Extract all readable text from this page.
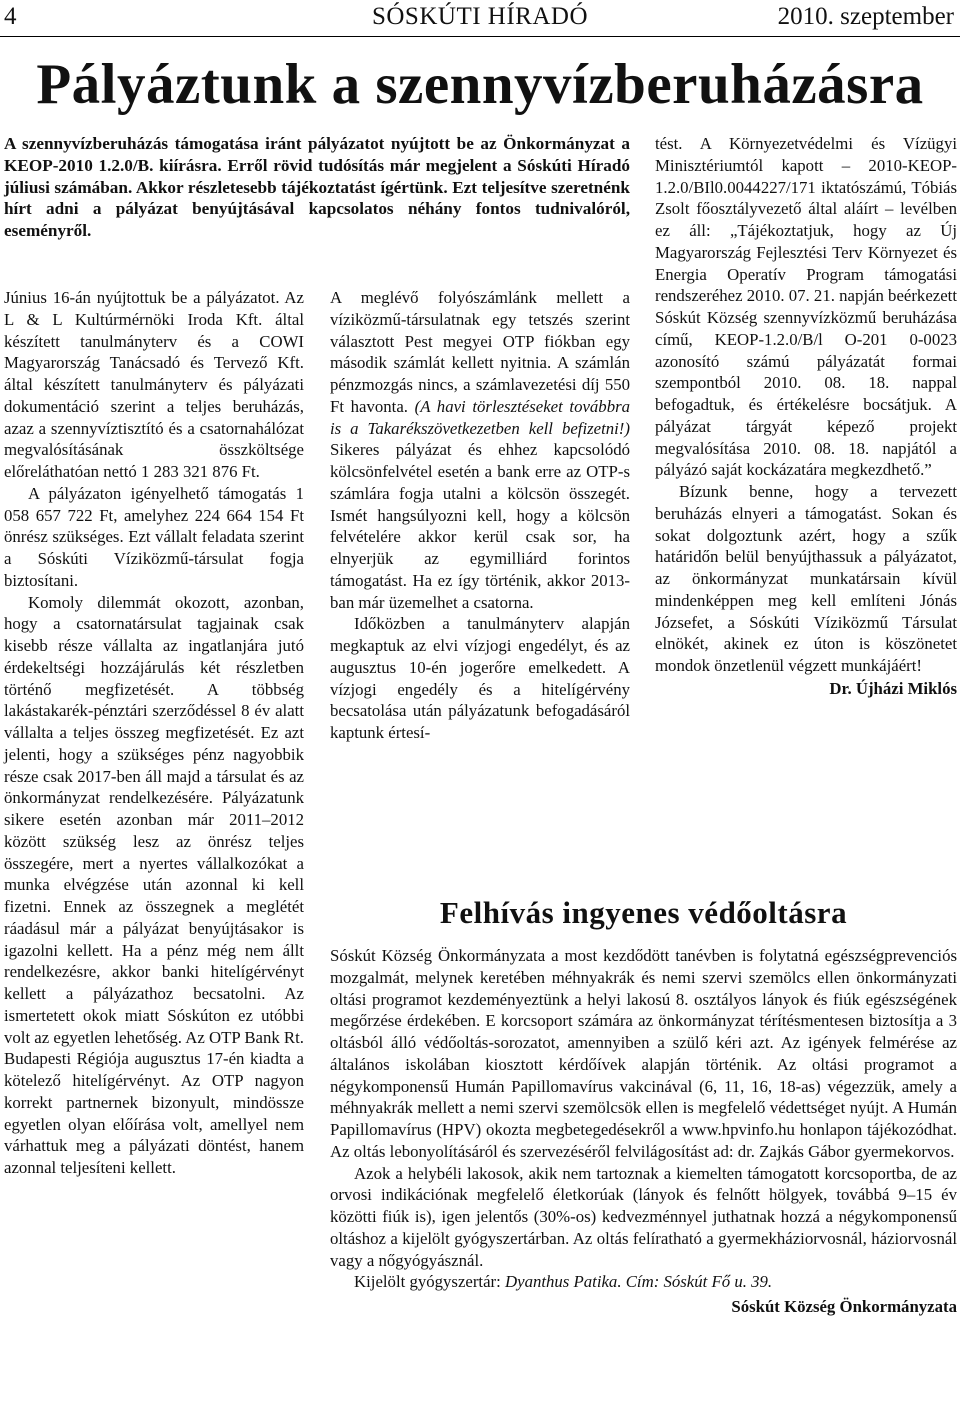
SÓSKÚTI HÍRADÓ
4	2010. szeptember
Pályáztunk a szennyvízberuházásra

A szennyvízberuházás támogatása iránt pályázatot nyújtott be az Önkormányzat a KEOP-2010 1.2.0/B. kiírásra. Erről rövid tudósítás már megjelent a Sóskúti Híradó júliusi számában. Akkor részletesebb tájékoztatást ígértünk. Ezt teljesítve szeretnénk hírt adni a pályázat benyújtásával kapcsolatos néhány fontos tudnivalóról, eseményről.

Június 16-án nyújtottuk be a pályázatot. Az L & L Kultúrmérnöki Iroda Kft. által készített tanulmányterv és a COWI Magyarország Tanácsadó és Tervező Kft. által készített tanulmányterv és pályázati dokumentáció szerint a teljes beruházás, azaz a szennyvíztisztító és a csatornahálózat megvalósításának összköltsége előreláthatóan nettó 1 283 321 876 Ft.

A pályázaton igényelhető támogatás 1 058 657 722 Ft, amelyhez 224 664 154 Ft önrész szükséges. Ezt vállalt feladata szerint a Sóskúti Víziközmű-társulat fogja biztosítani.

Komoly dilemmát okozott, azonban, hogy a csatornatársulat tagjainak csak kisebb része vállalta az ingatlanjára jutó érdekeltségi hozzájárulás két részletben történő megfizetését. A többség lakástakarék-pénztári szerződéssel 8 év alatt vállalta a teljes összeg megfizetését. Ez azt jelenti, hogy a szükséges pénz nagyobbik része csak 2017-ben áll majd a társulat és az önkormányzat rendelkezésére. Pályázatunk sikere esetén azonban már 2011–2012 között szükség lesz az önrész teljes összegére, mert a nyertes vállalkozókat a munka elvégzése után azonnal ki kell fizetni. Ennek az összegnek a meglétét ráadásul már a pályázat benyújtásakor is igazolni kellett. Ha a pénz még nem állt rendelkezésre, akkor banki hitelígérvényt kellett a pályázathoz becsatolni. Az ismertetett okok miatt Sóskúton ez utóbbi volt az egyetlen lehetőség. Az OTP Bank Rt. Budapesti Régiója augusztus 17-én kiadta a kötelező hitelígérvényt. Az OTP nagyon korrekt partnernek bizonyult, mindössze egyetlen olyan előírása volt, amellyel nem várhattuk meg a pályázati döntést, hanem azonnal teljesíteni kellett.

A meglévő folyószámlánk mellett a víziközmű-társulatnak egy tetszés szerint választott Pest megyei OTP fiókban egy második számlát kellett nyitnia. A számlán pénzmozgás nincs, a számlavezetési díj 550 Ft havonta. (A havi törlesztéseket továbbra is a Takarékszövetkezetben kell befizetni!) Sikeres pályázat és ehhez kapcsolódó kölcsönfelvétel esetén a bank erre az OTP-s számlára fogja utalni a kölcsön összegét. Ismét hangsúlyozni kell, hogy a kölcsön felvételére akkor kerül csak sor, ha elnyerjük az egymilliárd forintos támogatást. Ha ez így történik, akkor 2013-ban már üzemelhet a csatorna.

Időközben a tanulmányterv alapján megkaptuk az elvi vízjogi engedélyt, és az augusztus 10-én jogerőre emelkedett. A vízjogi engedély és a hitelígérvény becsatolása után pályázatunk befogadásáról kaptunk értesí-

tést. A Környezetvédelmi és Vízügyi Minisztériumtól kapott – 2010-KEOP-1.2.0/BIl0.0044227/171 iktatószámú, Tóbiás Zsolt főosztályvezető által aláírt – levélben ez áll: „Tájékoztatjuk, hogy az Új Magyarország Fejlesztési Terv Környezet és Energia Operatív Program támogatási rendszeréhez 2010. 07. 21. napján beérkezett Sóskút Község szennyvízközmű beruházása című, KEOP-1.2.0/B/l O-201 0-0023 azonosító számú pályázatát formai szempontból 2010. 08. 18. nappal befogadtuk, és értékelésre bocsátjuk. A pályázat tárgyát képező projekt megvalósítása 2010. 08. 18. napjától a pályázó saját kockázatára megkezdhető.”

Bízunk benne, hogy a tervezett beruházás elnyeri a támogatást. Sokan és sokat dolgoztunk azért, hogy a szűk határidőn belül benyújthassuk a pályázatot, az önkormányzat munkatársain kívül mindenképpen meg kell említeni Jónás Józsefet, a Sóskúti Víziközmű Társulat elnökét, akinek ez úton is köszönetet mondok önzetlenül végzett munkájáért!

Dr. Újházi Miklós

Felhívás ingyenes védőoltásra

Sóskút Község Önkormányzata a most kezdődött tanévben is folytatná egészségprevenciós mozgalmát, melynek keretében méhnyakrák és nemi szervi szemölcs ellen önkormányzati oltási programot kezdeményeztünk a helyi lakosú 8. osztályos lányok és fiúk egészségének megőrzése érdekében. E korcsoport számára az önkormányzat térítésmentesen biztosítja a 3 oltásból álló védőoltás-sorozatot, amennyiben a szülő kéri azt. Az igények felmérése az általános iskolában kiosztott kérdőívek alapján történik. Az oltási programot a négykomponensű Humán Papillomavírus vakcinával (6, 11, 16, 18-as) végezzük, amely a méhnyakrák mellett a nemi szervi szemölcsök ellen is megfelelő védettséget nyújt. A Humán Papillomavírus (HPV) okozta megbetegedésekről a www.hpvinfo.hu honlapon tájékozódhat. Az oltás lebonyolításáról és szervezéséről felvilágosítást ad: dr. Zajkás Gábor gyermekorvos.

Azok a helybéli lakosok, akik nem tartoznak a kiemelten támogatott korcsoportba, de az orvosi indikációnak megfelelő életkorúak (lányok és felnőtt hölgyek, továbbá 9–15 év közötti fiúk is), igen jelentős (30%-os) kedvezménnyel juthatnak hozzá a négykomponensű oltáshoz a kijelölt gyógyszertárban. Az oltás felíratható a gyermekháziorvosnál, háziorvosnál vagy a nőgyógyásznál.

Kijelölt gyógyszertár: Dyanthus Patika. Cím: Sóskút Fő u. 39.

Sóskút Község Önkormányzata
